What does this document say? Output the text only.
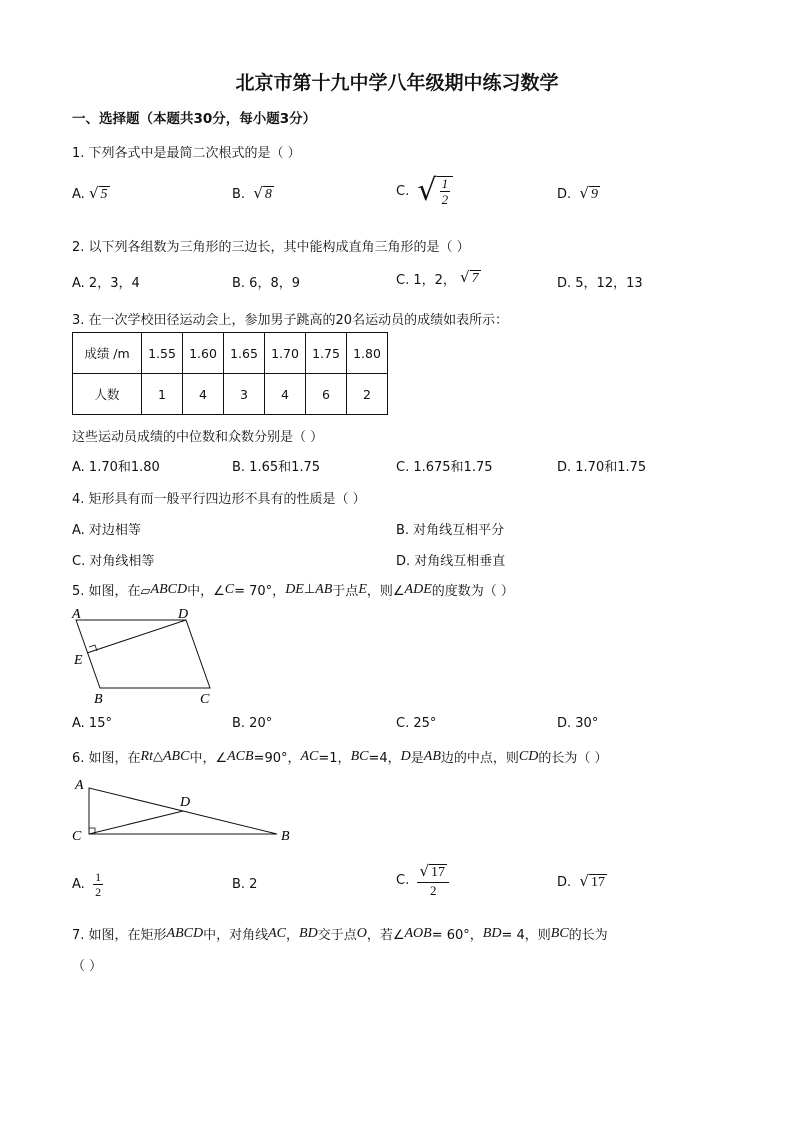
北京市第十九中学八年级期中练习数学
一、选择题（本题共30分，每小题3分）
1. 下列各式中是最简二次根式的是（ ）
A.
√ 5	B.
√ 8	C.
√ $\frac{1}{2}$	D.
√ 9
2. 以下列各组数为三角形的三边长，其中能构成直角三角形的是（ ）
A. 2，3，4	B. 6，8，9	C. 1，2，
√ 7	D. 5，12，13
3. 在一次学校田径运动会上，参加男子跳高的20名运动员的成绩如表所示：
成绩 /m	1.55	1.60	1.65	1.70	1.75	1.80
人数	1	4	3	4	6	2
这些运动员成绩的中位数和众数分别是（ ）
A. 1.70和1.80	B. 1.65和1.75	C. 1.675和1.75	D. 1.70和1.75
4. 矩形具有而一般平行四边形不具有的性质是（ ）
A. 对边相等	B. 对角线互相平分
C. 对角线相等	D. 对角线互相垂直
5. 如图，在▱ ABCD 中，∠ C = 70°， DE ⊥ AB 于点 E ，则∠ ADE 的度数为（ ）
A	D
E
B	C
A. 15°	B. 20°	C. 25°	D. 30°
6. 如图，在 Rt △ ABC 中，∠ ACB =90°， AC =1， BC =4， D 是 AB 边的中点，则 CD 的长为（ ）
A
D
C	B
A.
$\frac{1}{2}$	B. 2	C.
$\frac{√ 17}{2}$	D.
√ 17
7. 如图，在矩形 ABCD 中，对角线 AC ， BD 交于点 O ，若∠ AOB = 60°， BD = 4，则 BC 的长为
（ ）
